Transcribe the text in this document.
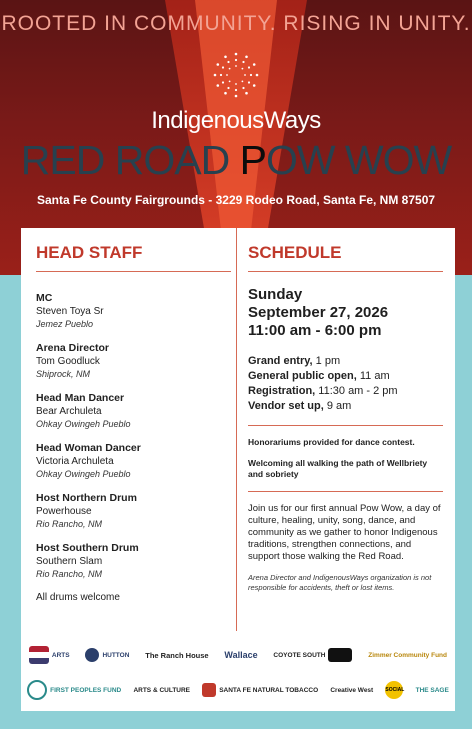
ROOTED IN COMMUNITY. RISING IN UNITY.
IndigenousWays
RED ROAD POW WOW
Santa Fe County Fairgrounds - 3229 Rodeo Road, Santa Fe, NM 87507
HEAD STAFF
MC
Steven Toya Sr
Jemez Pueblo
Arena Director
Tom Goodluck
Shiprock, NM
Head Man Dancer
Bear Archuleta
Ohkay Owingeh Pueblo
Head Woman Dancer
Victoria Archuleta
Ohkay Owingeh Pueblo
Host Northern Drum
Powerhouse
Rio Rancho, NM
Host Southern Drum
Southern Slam
Rio Rancho, NM
All drums welcome
SCHEDULE
Sunday
September 27, 2026
11:00 am - 6:00 pm
Grand entry, 1 pm
General public open, 11 am
Registration, 11:30 am - 2 pm
Vendor set up, 9 am

Honorariums provided for dance contest.

Welcoming all walking the path of Wellbriety and sobriety

Join us for our first annual Pow Wow, a day of culture, healing, unity, song, dance, and community as we gather to honor Indigenous traditions, strengthen connections, and support those walking the Red Road.

Arena Director and IndigenousWays organization is not responsible for accidents, theft or lost items.

ARTS	HUTTON The Ranch House Wallace COYOTE SOUTH	Zimmer Community Fund
FIRST PEOPLES FUND ARTS & CULTURE	SANTA FE NATURAL TOBACCO Creative West SOCIAL THE SAGE
